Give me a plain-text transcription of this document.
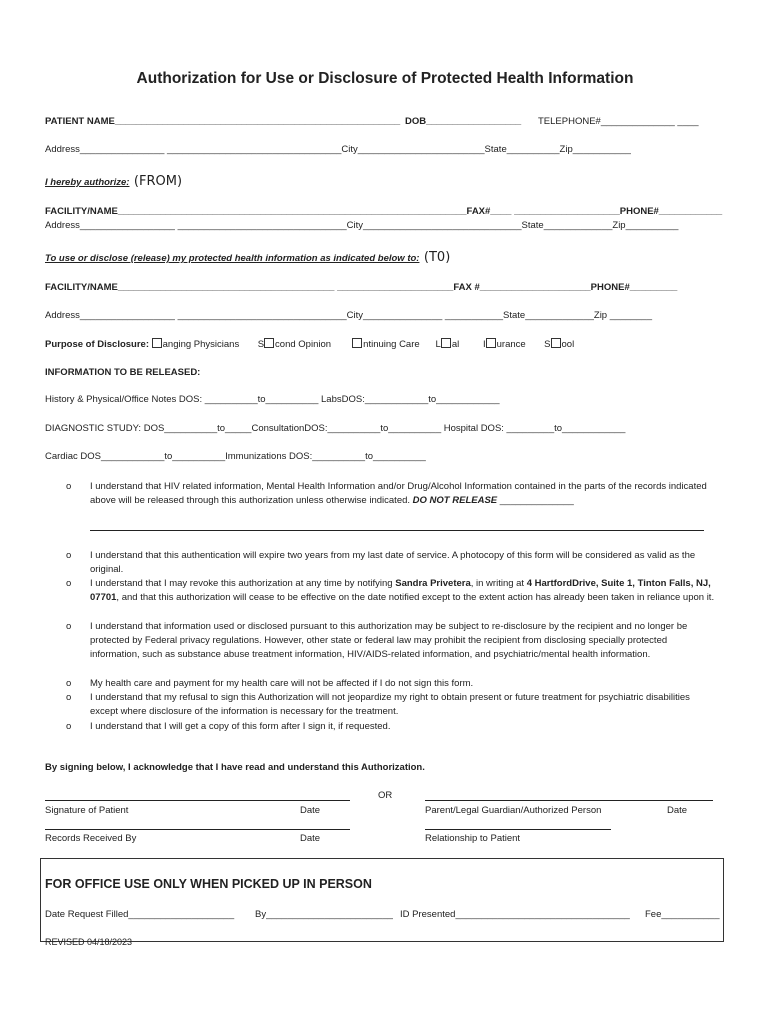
Authorization for Use or Disclosure of Protected Health Information
PATIENT NAME______________________________________________________ DOB__________________ TELEPHONE#______________ ____
Address________________ _________________________________City________________________State__________Zip___________
I hereby authorize: (FROM)
FACILITY/NAME__________________________________________________________________FAX#____ ____________________PHONE#____________
Address__________________ ________________________________City______________________________State_____________Zip__________
To use or disclose (release) my protected health information as indicated below to: (T0)
FACILITY/NAME_________________________________________ ______________________FAX #_____________________PHONE#_________
Address__________________ ________________________________City_______________ ___________State_____________Zip ________
Purpose of Disclosure: anging Physicians S cond Opinion	ntinuing Care L al	I urance S ool
INFORMATION TO BE RELEASED:
History & Physical/Office Notes DOS: __________to__________ LabsDOS:____________to____________
DIAGNOSTIC STUDY: DOS__________to_____ConsultationDOS:__________to__________ Hospital DOS: _________to____________
Cardiac DOS____________to__________Immunizations DOS:__________to__________
o I understand that HIV related information, Mental Health Information and/or Drug/Alcohol Information contained in the parts of the records indicated above will be released through this authorization unless otherwise indicated. DO NOT RELEASE ______________
o I understand that this authentication will expire two years from my last date of service. A photocopy of this form will be considered as valid as the original.
o I understand that I may revoke this authorization at any time by notifying Sandra Privetera, in writing at 4 HartfordDrive, Suite 1, Tinton Falls, NJ, 07701, and that this authorization will cease to be effective on the date notified except to the extent action has already been taken in reliance upon it.
o I understand that information used or disclosed pursuant to this authorization may be subject to re-disclosure by the recipient and no longer be protected by Federal privacy regulations. However, other state or federal law may prohibit the recipient from disclosing specially protected information, such as substance abuse treatment information, HIV/AIDS-related information, and psychiatric/mental health information.
o My health care and payment for my health care will not be affected if I do not sign this form.
o I understand that my refusal to sign this Authorization will not jeopardize my right to obtain present or future treatment for psychiatric disabilities except where disclosure of the information is necessary for the treatment.
o I understand that I will get a copy of this form after I sign it, if requested.
By signing below, I acknowledge that I have read and understand this Authorization.
OR
Signature of Patient	Date	Parent/Legal Guardian/Authorized Person	Date
Records Received By	Date	Relationship to Patient
FOR OFFICE USE ONLY WHEN PICKED UP IN PERSON
Date Request Filled____________________ By________________________ ID Presented_________________________________ Fee___________
REVISED 04/18/2023
